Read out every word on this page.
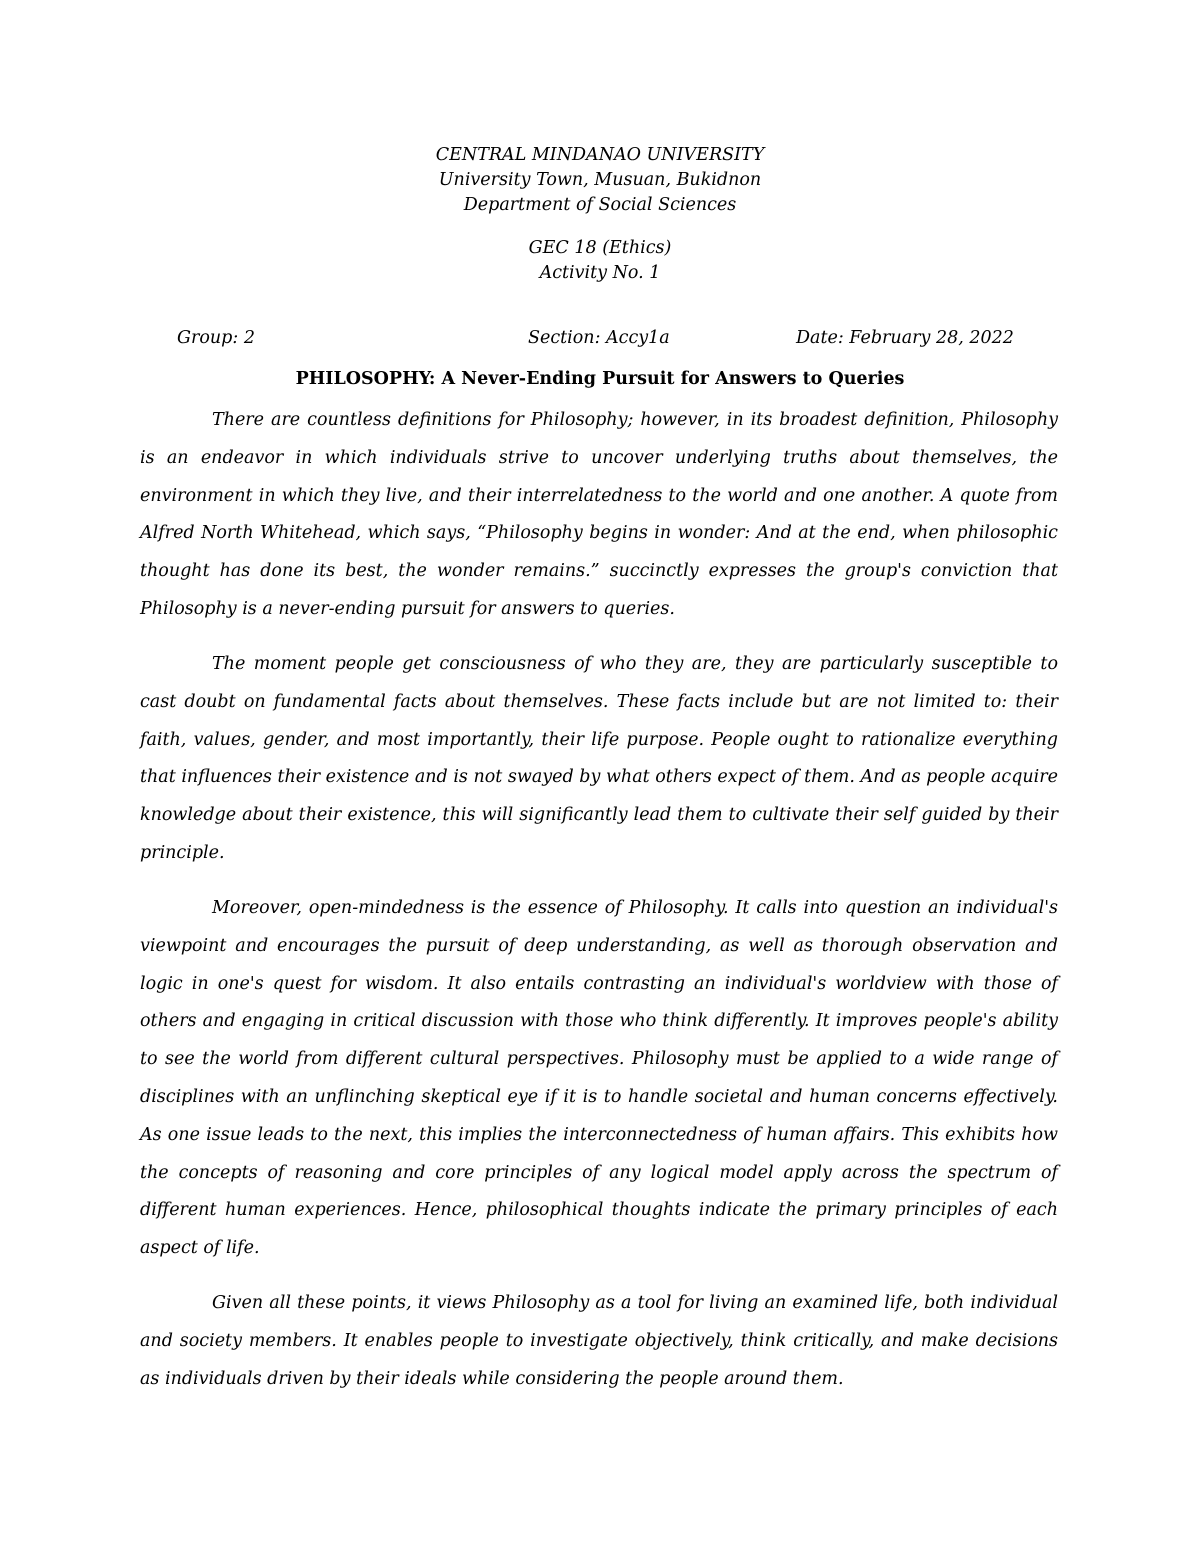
CENTRAL MINDANAO UNIVERSITY
University Town, Musuan, Bukidnon
Department of Social Sciences
GEC 18 (Ethics)
Activity No. 1
Group: 2	Section: Accy1a	Date: February 28, 2022
PHILOSOPHY: A Never-Ending Pursuit for Answers to Queries

There are countless definitions for Philosophy; however, in its broadest definition, Philosophy is an endeavor in which individuals strive to uncover underlying truths about themselves, the environment in which they live, and their interrelatedness to the world and one another. A quote from Alfred North Whitehead, which says, “Philosophy begins in wonder: And at the end, when philosophic thought has done its best, the wonder remains.” succinctly expresses the group's conviction that Philosophy is a never-ending pursuit for answers to queries.

The moment people get consciousness of who they are, they are particularly susceptible to cast doubt on fundamental facts about themselves. These facts include but are not limited to: their faith, values, gender, and most importantly, their life purpose. People ought to rationalize everything that influences their existence and is not swayed by what others expect of them. And as people acquire knowledge about their existence, this will significantly lead them to cultivate their self guided by their principle.

Moreover, open-mindedness is the essence of Philosophy. It calls into question an individual's viewpoint and encourages the pursuit of deep understanding, as well as thorough observation and logic in one's quest for wisdom. It also entails contrasting an individual's worldview with those of others and engaging in critical discussion with those who think differently. It improves people's ability to see the world from different cultural perspectives. Philosophy must be applied to a wide range of disciplines with an unflinching skeptical eye if it is to handle societal and human concerns effectively. As one issue leads to the next, this implies the interconnectedness of human affairs. This exhibits how the concepts of reasoning and core principles of any logical model apply across the spectrum of different human experiences. Hence, philosophical thoughts indicate the primary principles of each aspect of life.

Given all these points, it views Philosophy as a tool for living an examined life, both individual and society members. It enables people to investigate objectively, think critically, and make decisions as individuals driven by their ideals while considering the people around them.
